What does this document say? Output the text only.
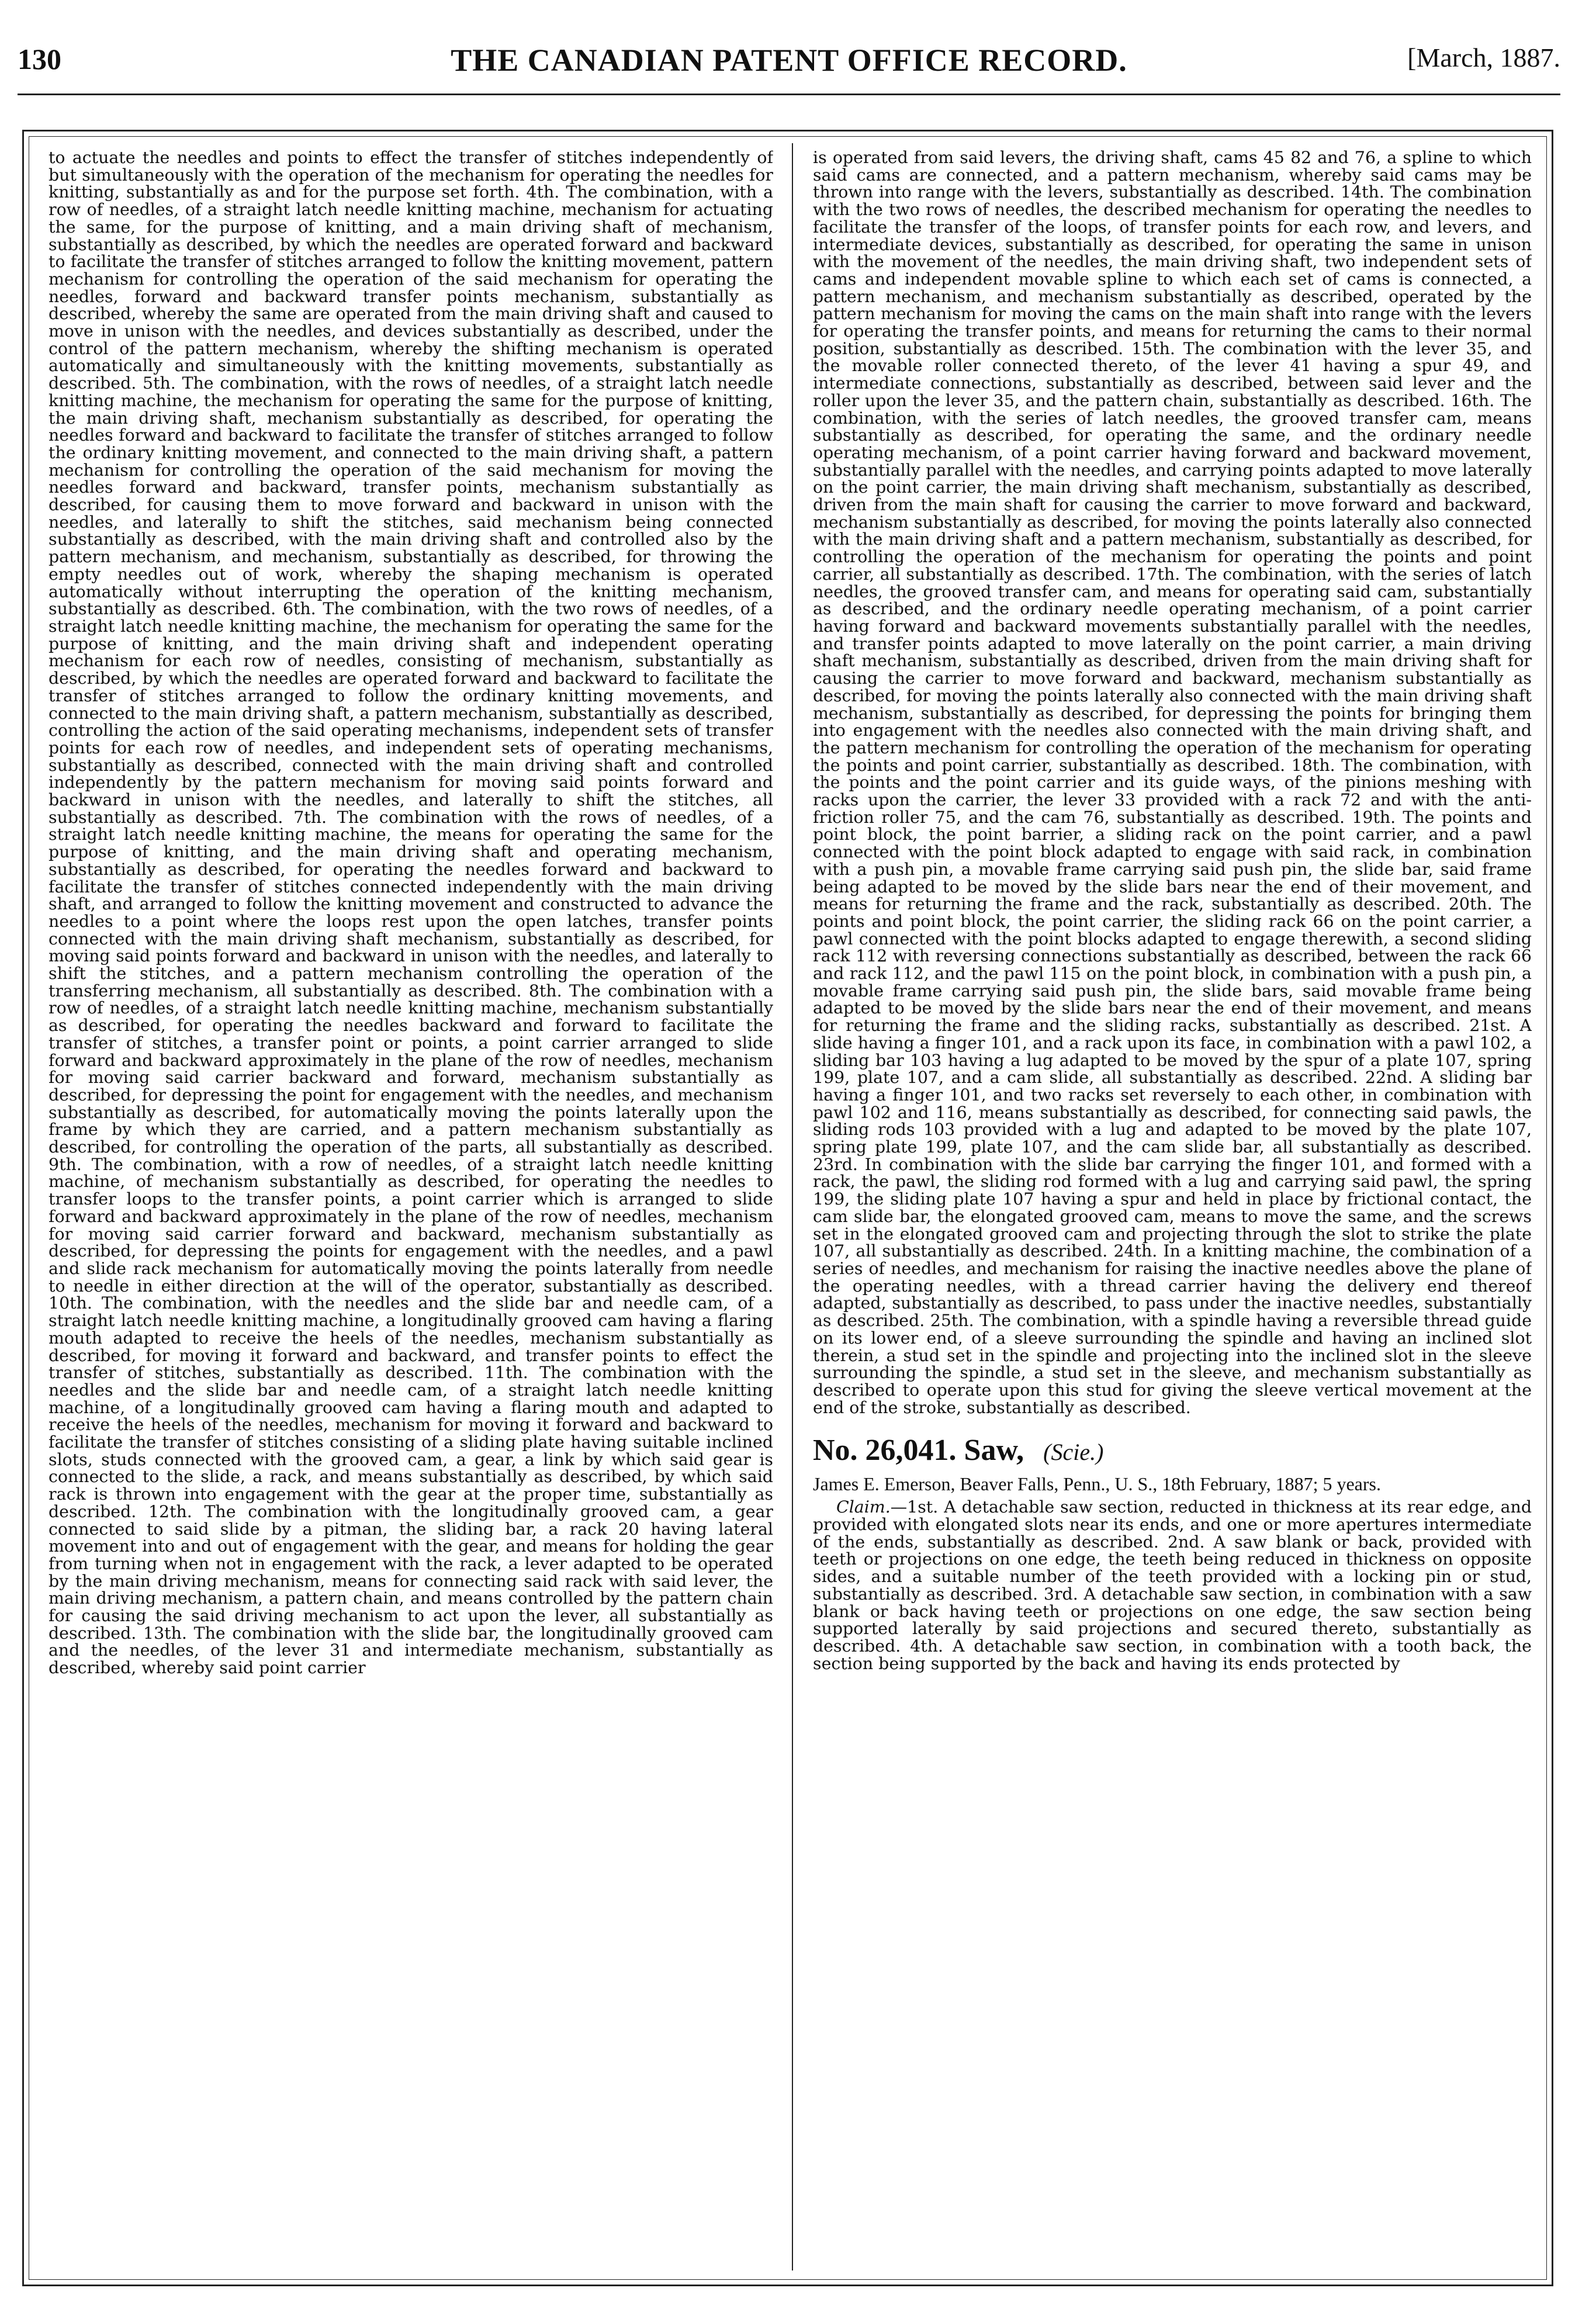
130	THE CANADIAN PATENT OFFICE RECORD.	[March, 1887.

to actuate the needles and points to effect the transfer of stitches independently of but simultaneously with the operation of the mechanism for operating the needles for knitting, substantially as and for the purpose set forth. 4th. The combination, with a row of needles, of a straight latch needle knitting machine, mechanism for actuating the same, for the purpose of knitting, and a main driving shaft of mechanism, substantially as described, by which the needles are operated forward and backward to facilitate the transfer of stitches arranged to follow the knitting movement, pattern mechanism for controlling the operation of the said mechanism for operating the needles, forward and backward transfer points mechanism, substantially as described, whereby the same are operated from the main driving shaft and caused to move in unison with the needles, and devices substantially as described, under the control of the pattern mechanism, whereby the shifting mechanism is operated automatically and simultaneously with the knitting movements, substantially as described. 5th. The combination, with the rows of needles, of a straight latch needle knitting machine, the mechanism for operating the same for the purpose of knitting, the main driving shaft, mechanism substantially as described, for operating the needles forward and backward to facilitate the transfer of stitches arranged to follow the ordinary knitting movement, and connected to the main driving shaft, a pattern mechanism for controlling the operation of the said mechanism for moving the needles forward and backward, transfer points, mechanism substantially as described, for causing them to move forward and backward in unison with the needles, and laterally to shift the stitches, said mechanism being connected substantially as described, with the main driving shaft and controlled also by the pattern mechanism, and mechanism, substantially as described, for throwing the empty needles out of work, whereby the shaping mechanism is operated automatically without interrupting the operation of the knitting mechanism, substantially as described. 6th. The combination, with the two rows of needles, of a straight latch needle knitting machine, the mechanism for operating the same for the purpose of knitting, and the main driving shaft and independent operating mechanism for each row of needles, consisting of mechanism, substantially as described, by which the needles are operated forward and backward to facilitate the transfer of stitches arranged to follow the ordinary knitting movements, and connected to the main driving shaft, a pattern mechanism, substantially as described, controlling the action of the said operating mechanisms, independent sets of transfer points for each row of needles, and independent sets of operating mechanisms, substantially as described, connected with the main driving shaft and controlled independently by the pattern mechanism for moving said points forward and backward in unison with the needles, and laterally to shift the stitches, all substantially as described. 7th. The combination with the rows of needles, of a straight latch needle knitting machine, the means for operating the same for the purpose of knitting, and the main driving shaft and operating mechanism, substantially as described, for operating the needles forward and backward to facilitate the transfer of stitches connected independently with the main driving shaft, and arranged to follow the knitting movement and constructed to advance the needles to a point where the loops rest upon the open latches, transfer points connected with the main driving shaft mechanism, substantially as described, for moving said points forward and backward in unison with the needles, and laterally to shift the stitches, and a pattern mechanism controlling the operation of the transferring mechanism, all substantially as described. 8th. The combination with a row of needles, of a straight latch needle knitting machine, mechanism substantially as described, for operating the needles backward and forward to facilitate the transfer of stitches, a transfer point or points, a point carrier arranged to slide forward and backward approximately in the plane of the row of needles, mechanism for moving said carrier backward and forward, mechanism substantially as described, for depressing the point for engagement with the needles, and mechanism substantially as described, for automatically moving the points laterally upon the frame by which they are carried, and a pattern mechanism substantially as described, for controlling the operation of the parts, all substantially as described. 9th. The combination, with a row of needles, of a straight latch needle knitting machine, of mechanism substantially as described, for operating the needles to transfer loops to the transfer points, a point carrier which is arranged to slide forward and backward approximately in the plane of the row of needles, mechanism for moving said carrier forward and backward, mechanism substantially as described, for depressing the points for engagement with the needles, and a pawl and slide rack mechanism for automatically moving the points laterally from needle to needle in either direction at the will of the operator, substantially as described. 10th. The combination, with the needles and the slide bar and needle cam, of a straight latch needle knitting machine, a longitudinally grooved cam having a flaring mouth adapted to receive the heels of the needles, mechanism substantially as described, for moving it forward and backward, and transfer points to effect the transfer of stitches, substantially as described. 11th. The combination with the needles and the slide bar and needle cam, of a straight latch needle knitting machine, of a longitudinally grooved cam having a flaring mouth and adapted to receive the heels of the needles, mechanism for moving it forward and backward to facilitate the transfer of stitches consisting of a sliding plate having suitable inclined slots, studs connected with the grooved cam, a gear, a link by which said gear is connected to the slide, a rack, and means substantially as described, by which said rack is thrown into engagement with the gear at the proper time, substantially as described. 12th. The combination with the longitudinally grooved cam, a gear connected to said slide by a pitman, the sliding bar, a rack 20 having lateral movement into and out of engagement with the gear, and means for holding the gear from turning when not in engagement with the rack, a lever adapted to be operated by the main driving mechanism, means for connecting said rack with said lever, the main driving mechanism, a pattern chain, and means controlled by the pattern chain for causing the said driving mechanism to act upon the lever, all substantially as described. 13th. The combination with the slide bar, the longitudinally grooved cam and the needles, of the lever 31 and intermediate mechanism, substantially as described, whereby said point carrier

is operated from said levers, the driving shaft, cams 45 82 and 76, a spline to which said cams are connected, and a pattern mechanism, whereby said cams may be thrown into range with the levers, substantially as described. 14th. The combination with the two rows of needles, the described mechanism for operating the needles to facilitate the transfer of the loops, of transfer points for each row, and levers, and intermediate devices, substantially as described, for operating the same in unison with the movement of the needles, the main driving shaft, two independent sets of cams and independent movable spline to which each set of cams is connected, a pattern mechanism, and mechanism substantially as described, operated by the pattern mechanism for moving the cams on the main shaft into range with the levers for operating the transfer points, and means for returning the cams to their normal position, substantially as described. 15th. The combination with the lever 35, and the movable roller connected thereto, of the lever 41 having a spur 49, and intermediate connections, substantially as described, between said lever and the roller upon the lever 35, and the pattern chain, substantially as described. 16th. The combination, with the series of latch needles, the grooved transfer cam, means substantially as described, for operating the same, and the ordinary needle operating mechanism, of a point carrier having forward and backward movement, substantially parallel with the needles, and carrying points adapted to move laterally on the point carrier, the main driving shaft mechanism, substantially as described, driven from the main shaft for causing the carrier to move forward and backward, mechanism substantially as described, for moving the points laterally also connected with the main driving shaft and a pattern mechanism, substantially as described, for controlling the operation of the mechanism for operating the points and point carrier, all substantially as described. 17th. The combination, with the series of latch needles, the grooved transfer cam, and means for operating said cam, substantially as described, and the ordinary needle operating mechanism, of a point carrier having forward and backward movements substantially parallel with the needles, and transfer points adapted to move laterally on the point carrier, a main driving shaft mechanism, substantially as described, driven from the main driving shaft for causing the carrier to move forward and backward, mechanism substantially as described, for moving the points laterally also connected with the main driving shaft mechanism, substantially as described, for depressing the points for bringing them into engagement with the needles also connected with the main driving shaft, and the pattern mechanism for controlling the operation of the mechanism for operating the points and point carrier, substantially as described. 18th. The combination, with the points and the point carrier and its guide ways, of the pinions meshing with racks upon the carrier, the lever 33 provided with a rack 72 and with the anti-friction roller 75, and the cam 76, substantially as described. 19th. The points and point block, the point barrier, a sliding rack on the point carrier, and a pawl connected with the point block adapted to engage with said rack, in combination with a push pin, a movable frame carrying said push pin, the slide bar, said frame being adapted to be moved by the slide bars near the end of their movement, and means for returning the frame and the rack, substantially as described. 20th. The points and point block, the point carrier, the sliding rack 66 on the point carrier, a pawl connected with the point blocks adapted to engage therewith, a second sliding rack 112 with reversing connections substantially as described, between the rack 66 and rack 112, and the pawl 115 on the point block, in combination with a push pin, a movable frame carrying said push pin, the slide bars, said movable frame being adapted to be moved by the slide bars near the end of their movement, and means for returning the frame and the sliding racks, substantially as described. 21st. A slide having a finger 101, and a rack upon its face, in combination with a pawl 102, a sliding bar 103 having a lug adapted to be moved by the spur of a plate 107, spring 199, plate 107, and a cam slide, all substantially as described. 22nd. A sliding bar having a finger 101, and two racks set reversely to each other, in combination with pawl 102 and 116, means substantially as described, for connecting said pawls, the sliding rods 103 provided with a lug and adapted to be moved by the plate 107, spring plate 199, plate 107, and the cam slide bar, all substantially as described. 23rd. In combination with the slide bar carrying the finger 101, and formed with a rack, the pawl, the sliding rod formed with a lug and carrying said pawl, the spring 199, the sliding plate 107 having a spur and held in place by frictional contact, the cam slide bar, the elongated grooved cam, means to move the same, and the screws set in the elongated grooved cam and projecting through the slot to strike the plate 107, all substantially as described. 24th. In a knitting machine, the combination of a series of needles, and mechanism for raising the inactive needles above the plane of the operating needles, with a thread carrier having the delivery end thereof adapted, substantially as described, to pass under the inactive needles, substantially as described. 25th. The combination, with a spindle having a reversible thread guide on its lower end, of a sleeve surrounding the spindle and having an inclined slot therein, a stud set in the spindle and projecting into the inclined slot in the sleeve surrounding the spindle, a stud set in the sleeve, and mechanism substantially as described to operate upon this stud for giving the sleeve vertical movement at the end of the stroke, substantially as described.

No. 26,041. Saw, (Scie.)

James E. Emerson, Beaver Falls, Penn., U. S., 18th February, 1887; 5 years.

Claim.—1st. A detachable saw section, reducted in thickness at its rear edge, and provided with elongated slots near its ends, and one or more apertures intermediate of the ends, substantially as described. 2nd. A saw blank or back, provided with teeth or projections on one edge, the teeth being reduced in thickness on opposite sides, and a suitable number of the teeth provided with a locking pin or stud, substantially as described. 3rd. A detachable saw section, in combination with a saw blank or back having teeth or projections on one edge, the saw section being supported laterally by said projections and secured thereto, substantially as described. 4th. A detachable saw section, in combination with a tooth back, the section being supported by the back and having its ends protected by
